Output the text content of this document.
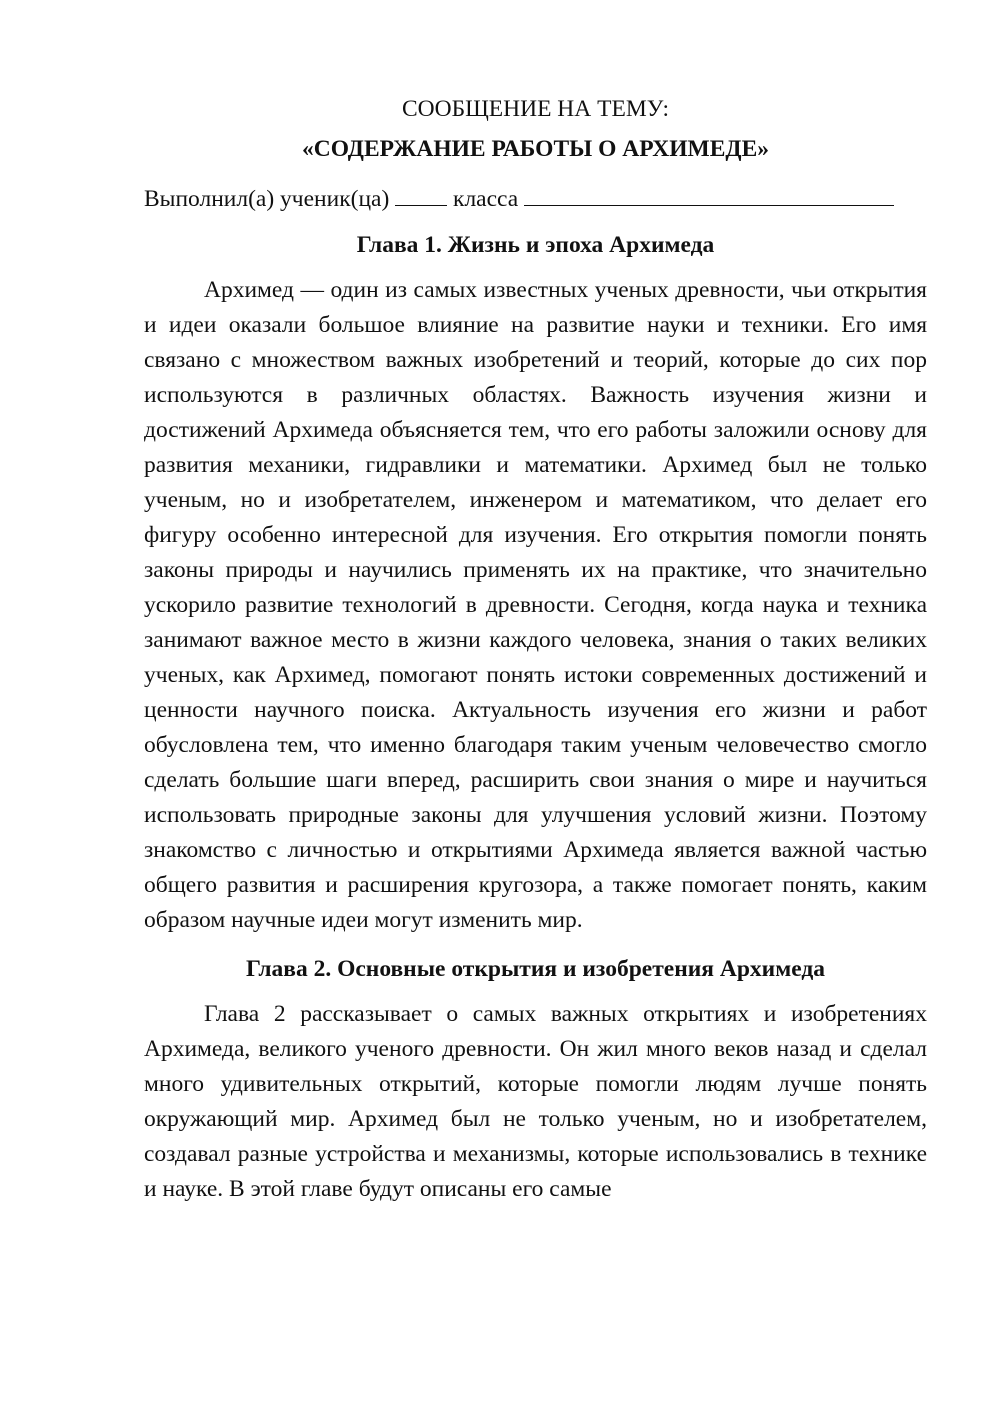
СООБЩЕНИЕ НА ТЕМУ:

«СОДЕРЖАНИЕ РАБОТЫ О АРХИМЕДЕ»

Выполнил(а) ученик(ца)	класса

Глава 1. Жизнь и эпоха Архимеда

Архимед — один из самых известных ученых древности, чьи открытия и идеи оказали большое влияние на развитие науки и техники. Его имя связано с множеством важных изобретений и теорий, которые до сих пор используются в различных областях. Важность изучения жизни и достижений Архимеда объясняется тем, что его работы заложили основу для развития механики, гидравлики и математики. Архимед был не только ученым, но и изобретателем, инженером и математиком, что делает его фигуру особенно интересной для изучения. Его открытия помогли понять законы природы и научились применять их на практике, что значительно ускорило развитие технологий в древности. Сегодня, когда наука и техника занимают важное место в жизни каждого человека, знания о таких великих ученых, как Архимед, помогают понять истоки современных достижений и ценности научного поиска. Актуальность изучения его жизни и работ обусловлена тем, что именно благодаря таким ученым человечество смогло сделать большие шаги вперед, расширить свои знания о мире и научиться использовать природные законы для улучшения условий жизни. Поэтому знакомство с личностью и открытиями Архимеда является важной частью общего развития и расширения кругозора, а также помогает понять, каким образом научные идеи могут изменить мир.

Глава 2. Основные открытия и изобретения Архимеда

Глава 2 рассказывает о самых важных открытиях и изобретениях Архимеда, великого ученого древности. Он жил много веков назад и сделал много удивительных открытий, которые помогли людям лучше понять окружающий мир. Архимед был не только ученым, но и изобретателем, создавал разные устройства и механизмы, которые использовались в технике и науке. В этой главе будут описаны его самые
